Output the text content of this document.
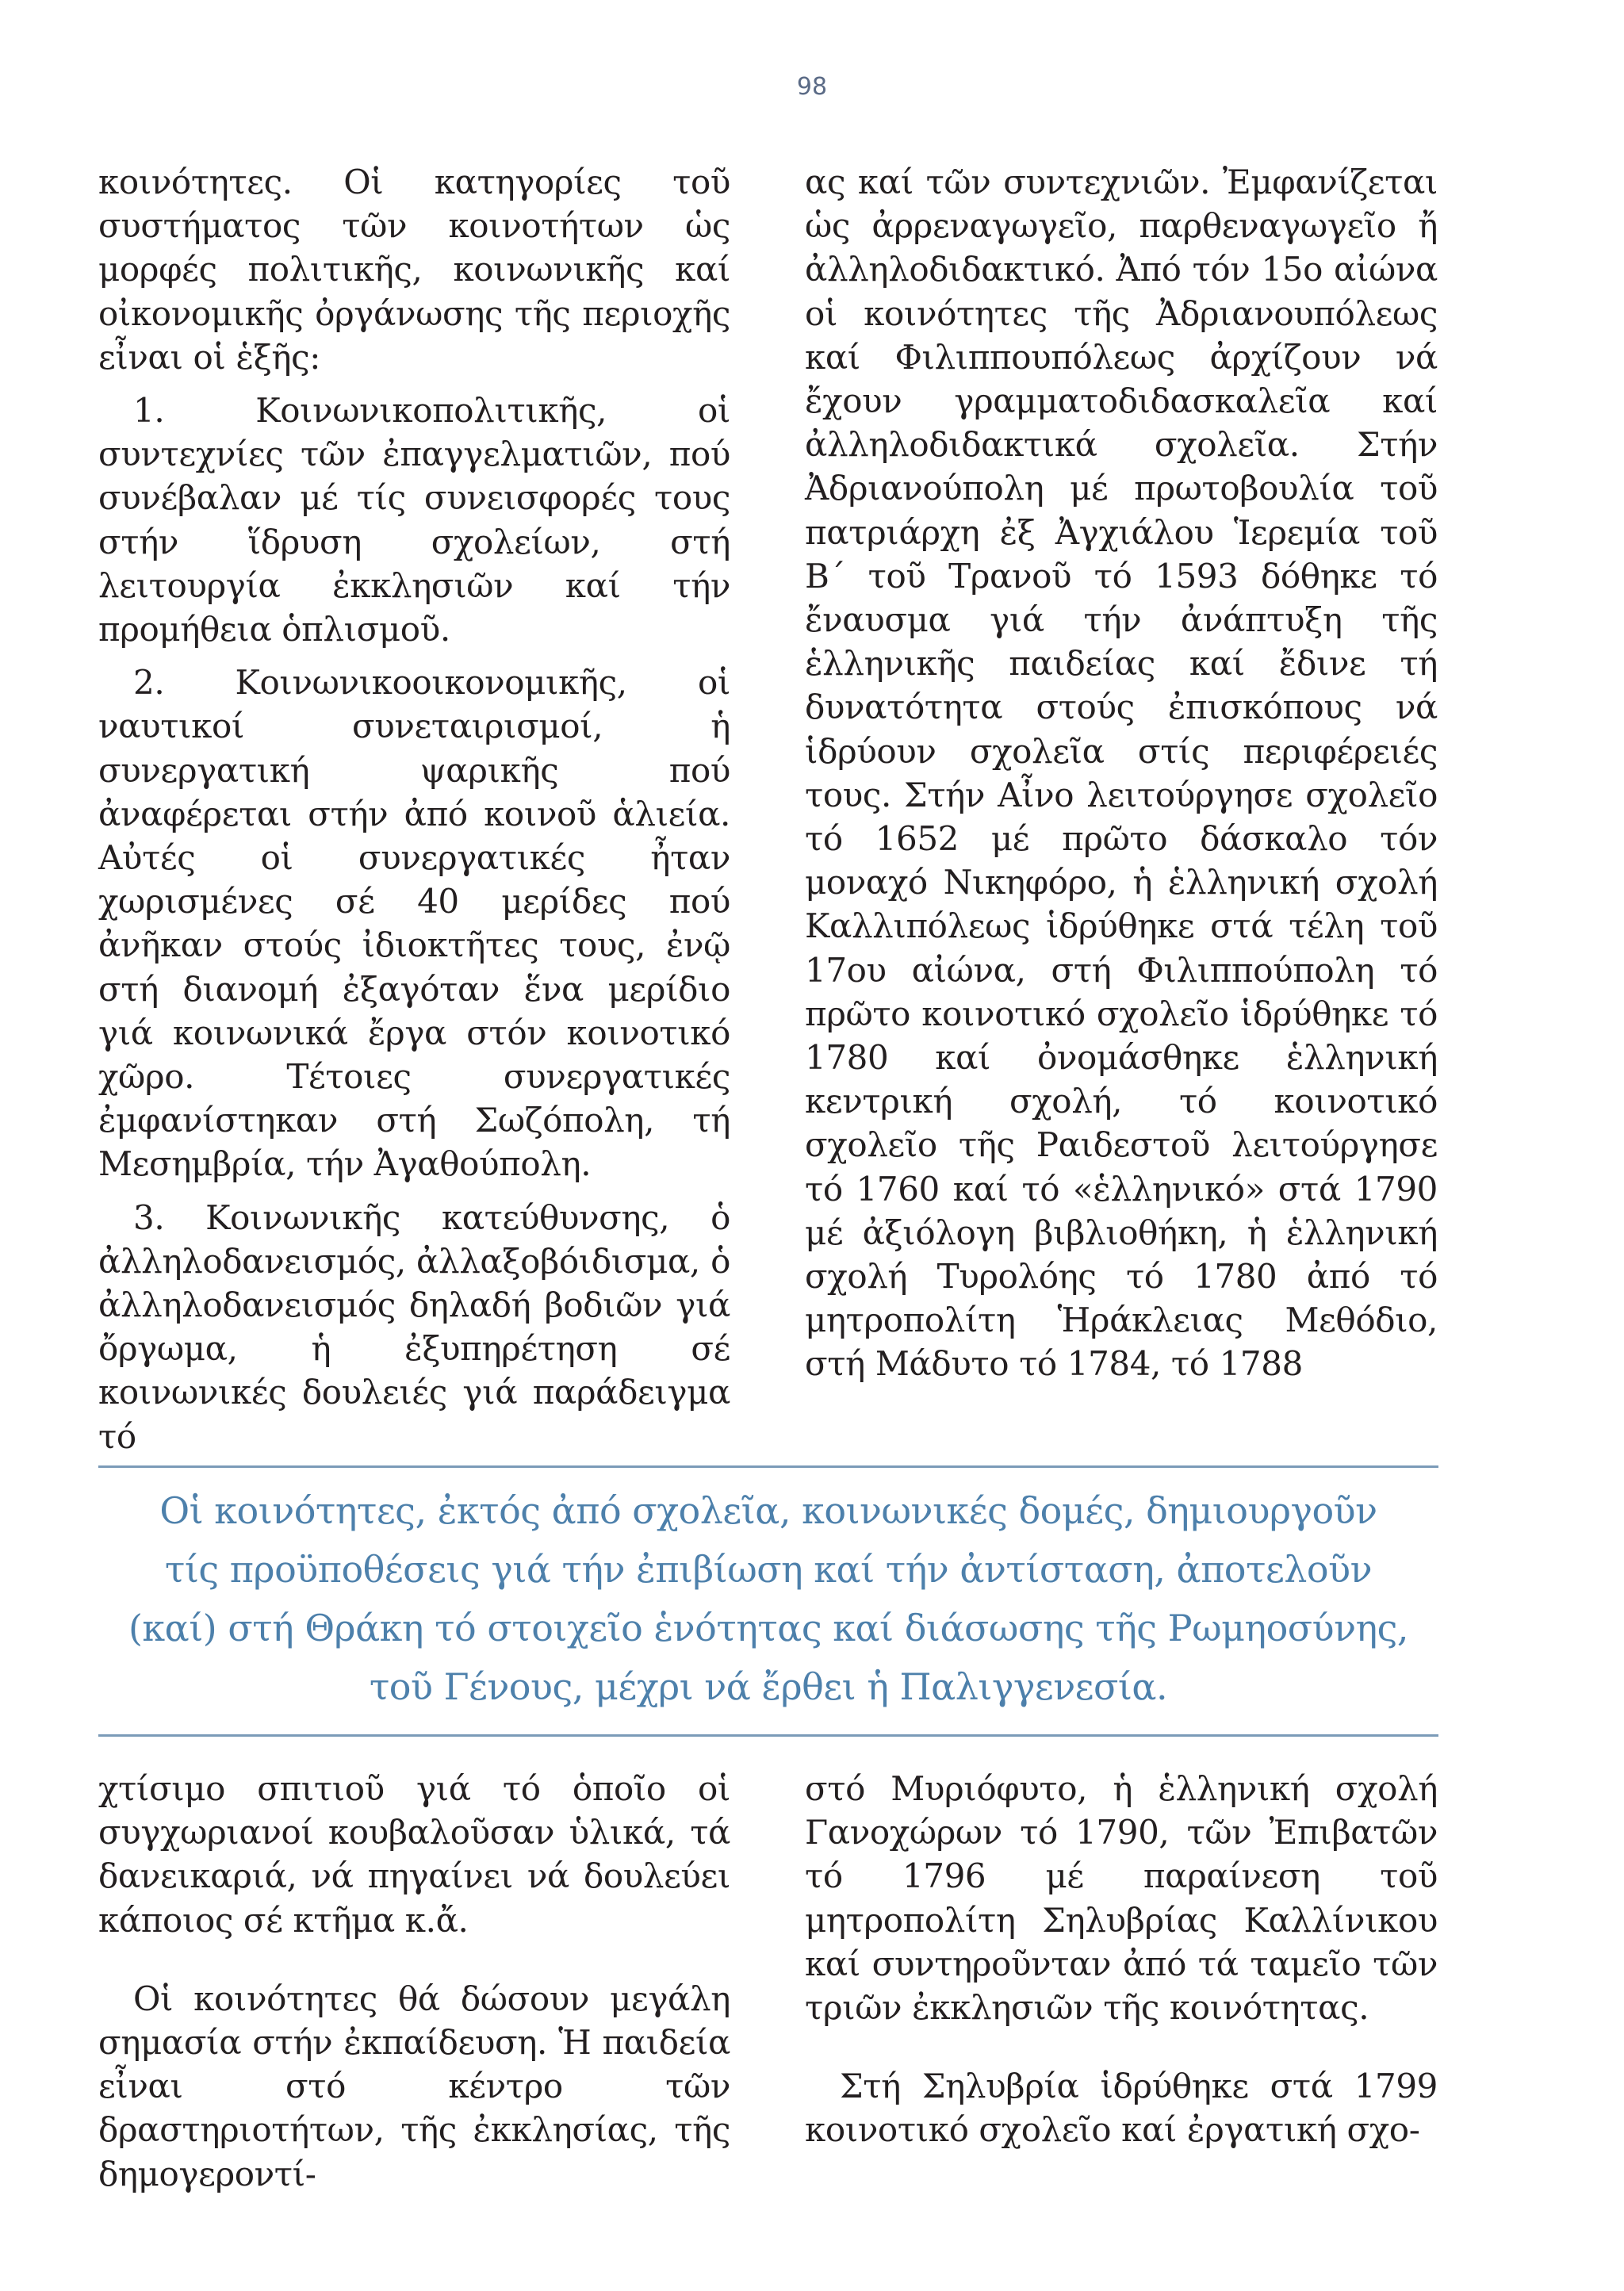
98

κοινότητες. Οἱ κατηγορίες τοῦ συστήματος τῶν κοινοτήτων ὡς μορφές πολιτικῆς, κοινωνικῆς καί οἰκονομικῆς ὀργάνωσης τῆς περιοχῆς εἶναι οἱ ἑξῆς:

1. Κοινωνικοπολιτικῆς, οἱ συντεχνίες τῶν ἐπαγγελματιῶν, πού συνέβαλαν μέ τίς συνεισφορές τους στήν ἵδρυση σχολείων, στή λειτουργία ἐκκλησιῶν καί τήν προμήθεια ὁπλισμοῦ.

2. Κοινωνικοοικονομικῆς, οἱ ναυτικοί συνεταιρισμοί, ἡ συνεργατική ψαρικῆς πού ἀναφέρεται στήν ἀπό κοινοῦ ἁλιεία. Αὐτές οἱ συνεργατικές ἦταν χωρισμένες σέ 40 μερίδες πού ἀνῆκαν στούς ἰδιοκτῆτες τους, ἐνῷ στή διανομή ἐξαγόταν ἕνα μερίδιο γιά κοινωνικά ἔργα στόν κοινοτικό χῶρο. Τέτοιες συνεργατικές ἐμφανίστηκαν στή Σωζόπολη, τή Μεσημβρία, τήν Ἀγαθούπολη.

3. Κοινωνικῆς κατεύθυνσης, ὁ ἀλληλοδανεισμός, ἀλλαξοβόιδισμα, ὁ ἀλληλοδανεισμός δηλαδή βοδιῶν γιά ὄργωμα, ἡ ἐξυπηρέτηση σέ κοινωνικές δουλειές γιά παράδειγμα τό

ας καί τῶν συντεχνιῶν. Ἐμφανίζεται ὡς ἀρρεναγωγεῖο, παρθεναγωγεῖο ἤ ἀλληλοδιδακτικό. Ἀπό τόν 15ο αἰώνα οἱ κοινότητες τῆς Ἀδριανουπόλεως καί Φιλιππουπόλεως ἀρχίζουν νά ἔχουν γραμματοδιδασκαλεῖα καί ἀλληλοδιδακτικά σχολεῖα. Στήν Ἀδριανούπολη μέ πρωτοβουλία τοῦ πατριάρχη ἐξ Ἀγχιάλου Ἱερεμία τοῦ Β΄ τοῦ Τρανοῦ τό 1593 δόθηκε τό ἔναυσμα γιά τήν ἀνάπτυξη τῆς ἑλληνικῆς παιδείας καί ἔδινε τή δυνατότητα στούς ἐπισκόπους νά ἱδρύουν σχολεῖα στίς περιφέρειές τους. Στήν Αἶνο λειτούργησε σχολεῖο τό 1652 μέ πρῶτο δάσκαλο τόν μοναχό Νικηφόρο, ἡ ἑλληνική σχολή Καλλιπόλεως ἱδρύθηκε στά τέλη τοῦ 17ου αἰώνα, στή Φιλιππούπολη τό πρῶτο κοινοτικό σχολεῖο ἱδρύθηκε τό 1780 καί ὀνομάσθηκε ἑλληνική κεντρική σχολή, τό κοινοτικό σχολεῖο τῆς Ραιδεστοῦ λειτούργησε τό 1760 καί τό «ἑλληνικό» στά 1790 μέ ἀξιόλογη βιβλιοθήκη, ἡ ἑλληνική σχολή Τυρολόης τό 1780 ἀπό τό μητροπολίτη Ἡράκλειας Μεθόδιο, στή Μάδυτο τό 1784, τό 1788

Οἱ κοινότητες, ἐκτός ἀπό σχολεῖα, κοινωνικές δομές, δημιουργοῦν
τίς προϋποθέσεις γιά τήν ἐπιβίωση καί τήν ἀντίσταση, ἀποτελοῦν
(καί) στή Θράκη τό στοιχεῖο ἑνότητας καί διάσωσης τῆς Ρωμηοσύνης,
τοῦ Γένους, μέχρι νά ἔρθει ἡ Παλιγγενεσία.

χτίσιμο σπιτιοῦ γιά τό ὁποῖο οἱ συγχωριανοί κουβαλοῦσαν ὑλικά, τά δανεικαριά, νά πηγαίνει νά δουλεύει κάποιος σέ κτῆμα κ.ἄ.

Οἱ κοινότητες θά δώσουν μεγάλη σημασία στήν ἐκπαίδευση. Ἡ παιδεία εἶναι στό κέντρο τῶν δραστηριοτήτων, τῆς ἐκκλησίας, τῆς δημογεροντί-

στό Μυριόφυτο, ἡ ἑλληνική σχολή Γανοχώρων τό 1790, τῶν Ἐπιβατῶν τό 1796 μέ παραίνεση τοῦ μητροπολίτη Σηλυβρίας Καλλίνικου καί συντηροῦνταν ἀπό τά ταμεῖο τῶν τριῶν ἐκκλησιῶν τῆς κοινότητας.

Στή Σηλυβρία ἱδρύθηκε στά 1799 κοινοτικό σχολεῖο καί ἐργατική σχο-
